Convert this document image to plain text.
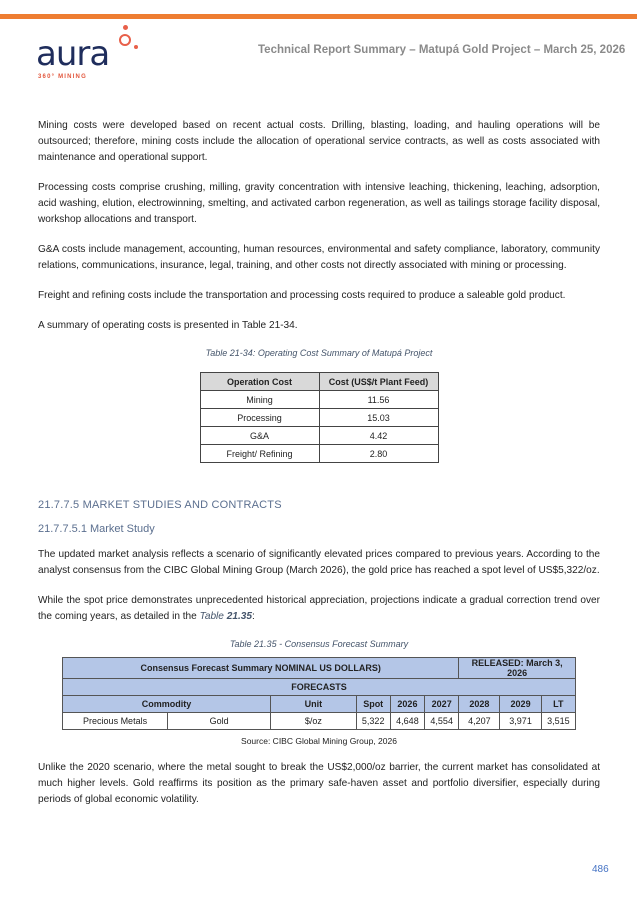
aura
360° MINING
Technical Report Summary – Matupá Gold Project – March 25, 2026

Mining costs were developed based on recent actual costs. Drilling, blasting, loading, and hauling operations will be outsourced; therefore, mining costs include the allocation of operational service contracts, as well as costs associated with maintenance and operational support.

Processing costs comprise crushing, milling, gravity concentration with intensive leaching, thickening, leaching, adsorption, acid washing, elution, electrowinning, smelting, and activated carbon regeneration, as well as tailings storage facility disposal, workshop allocations and transport.

G&A costs include management, accounting, human resources, environmental and safety compliance, laboratory, community relations, communications, insurance, legal, training, and other costs not directly associated with mining or processing.

Freight and refining costs include the transportation and processing costs required to produce a saleable gold product.

A summary of operating costs is presented in Table 21-34.

Table 21-34: Operating Cost Summary of Matupá Project
Operation Cost	Cost (US$/t Plant Feed)
Mining	11.56
Processing	15.03
G&A	4.42
Freight/ Refining	2.80
21.7.7.5 MARKET STUDIES AND CONTRACTS
21.7.7.5.1 Market Study

The updated market analysis reflects a scenario of significantly elevated prices compared to previous years. According to the analyst consensus from the CIBC Global Mining Group (March 2026), the gold price has reached a spot level of US$5,322/oz.

While the spot price demonstrates unprecedented historical appreciation, projections indicate a gradual correction trend over the coming years, as detailed in the Table 21.35:

Table 21.35 - Consensus Forecast Summary
Consensus Forecast Summary NOMINAL US DOLLARS)						RELEASED: March 3, 2026		
FORECASTS								
Commodity		Unit	Spot	2026	2027	2028	2029	LT
Precious Metals	Gold	$/oz	5,322	4,648	4,554	4,207	3,971	3,515
Source: CIBC Global Mining Group, 2026

Unlike the 2020 scenario, where the metal sought to break the US$2,000/oz barrier, the current market has consolidated at much higher levels. Gold reaffirms its position as the primary safe-haven asset and portfolio diversifier, especially during periods of global economic volatility.

486
